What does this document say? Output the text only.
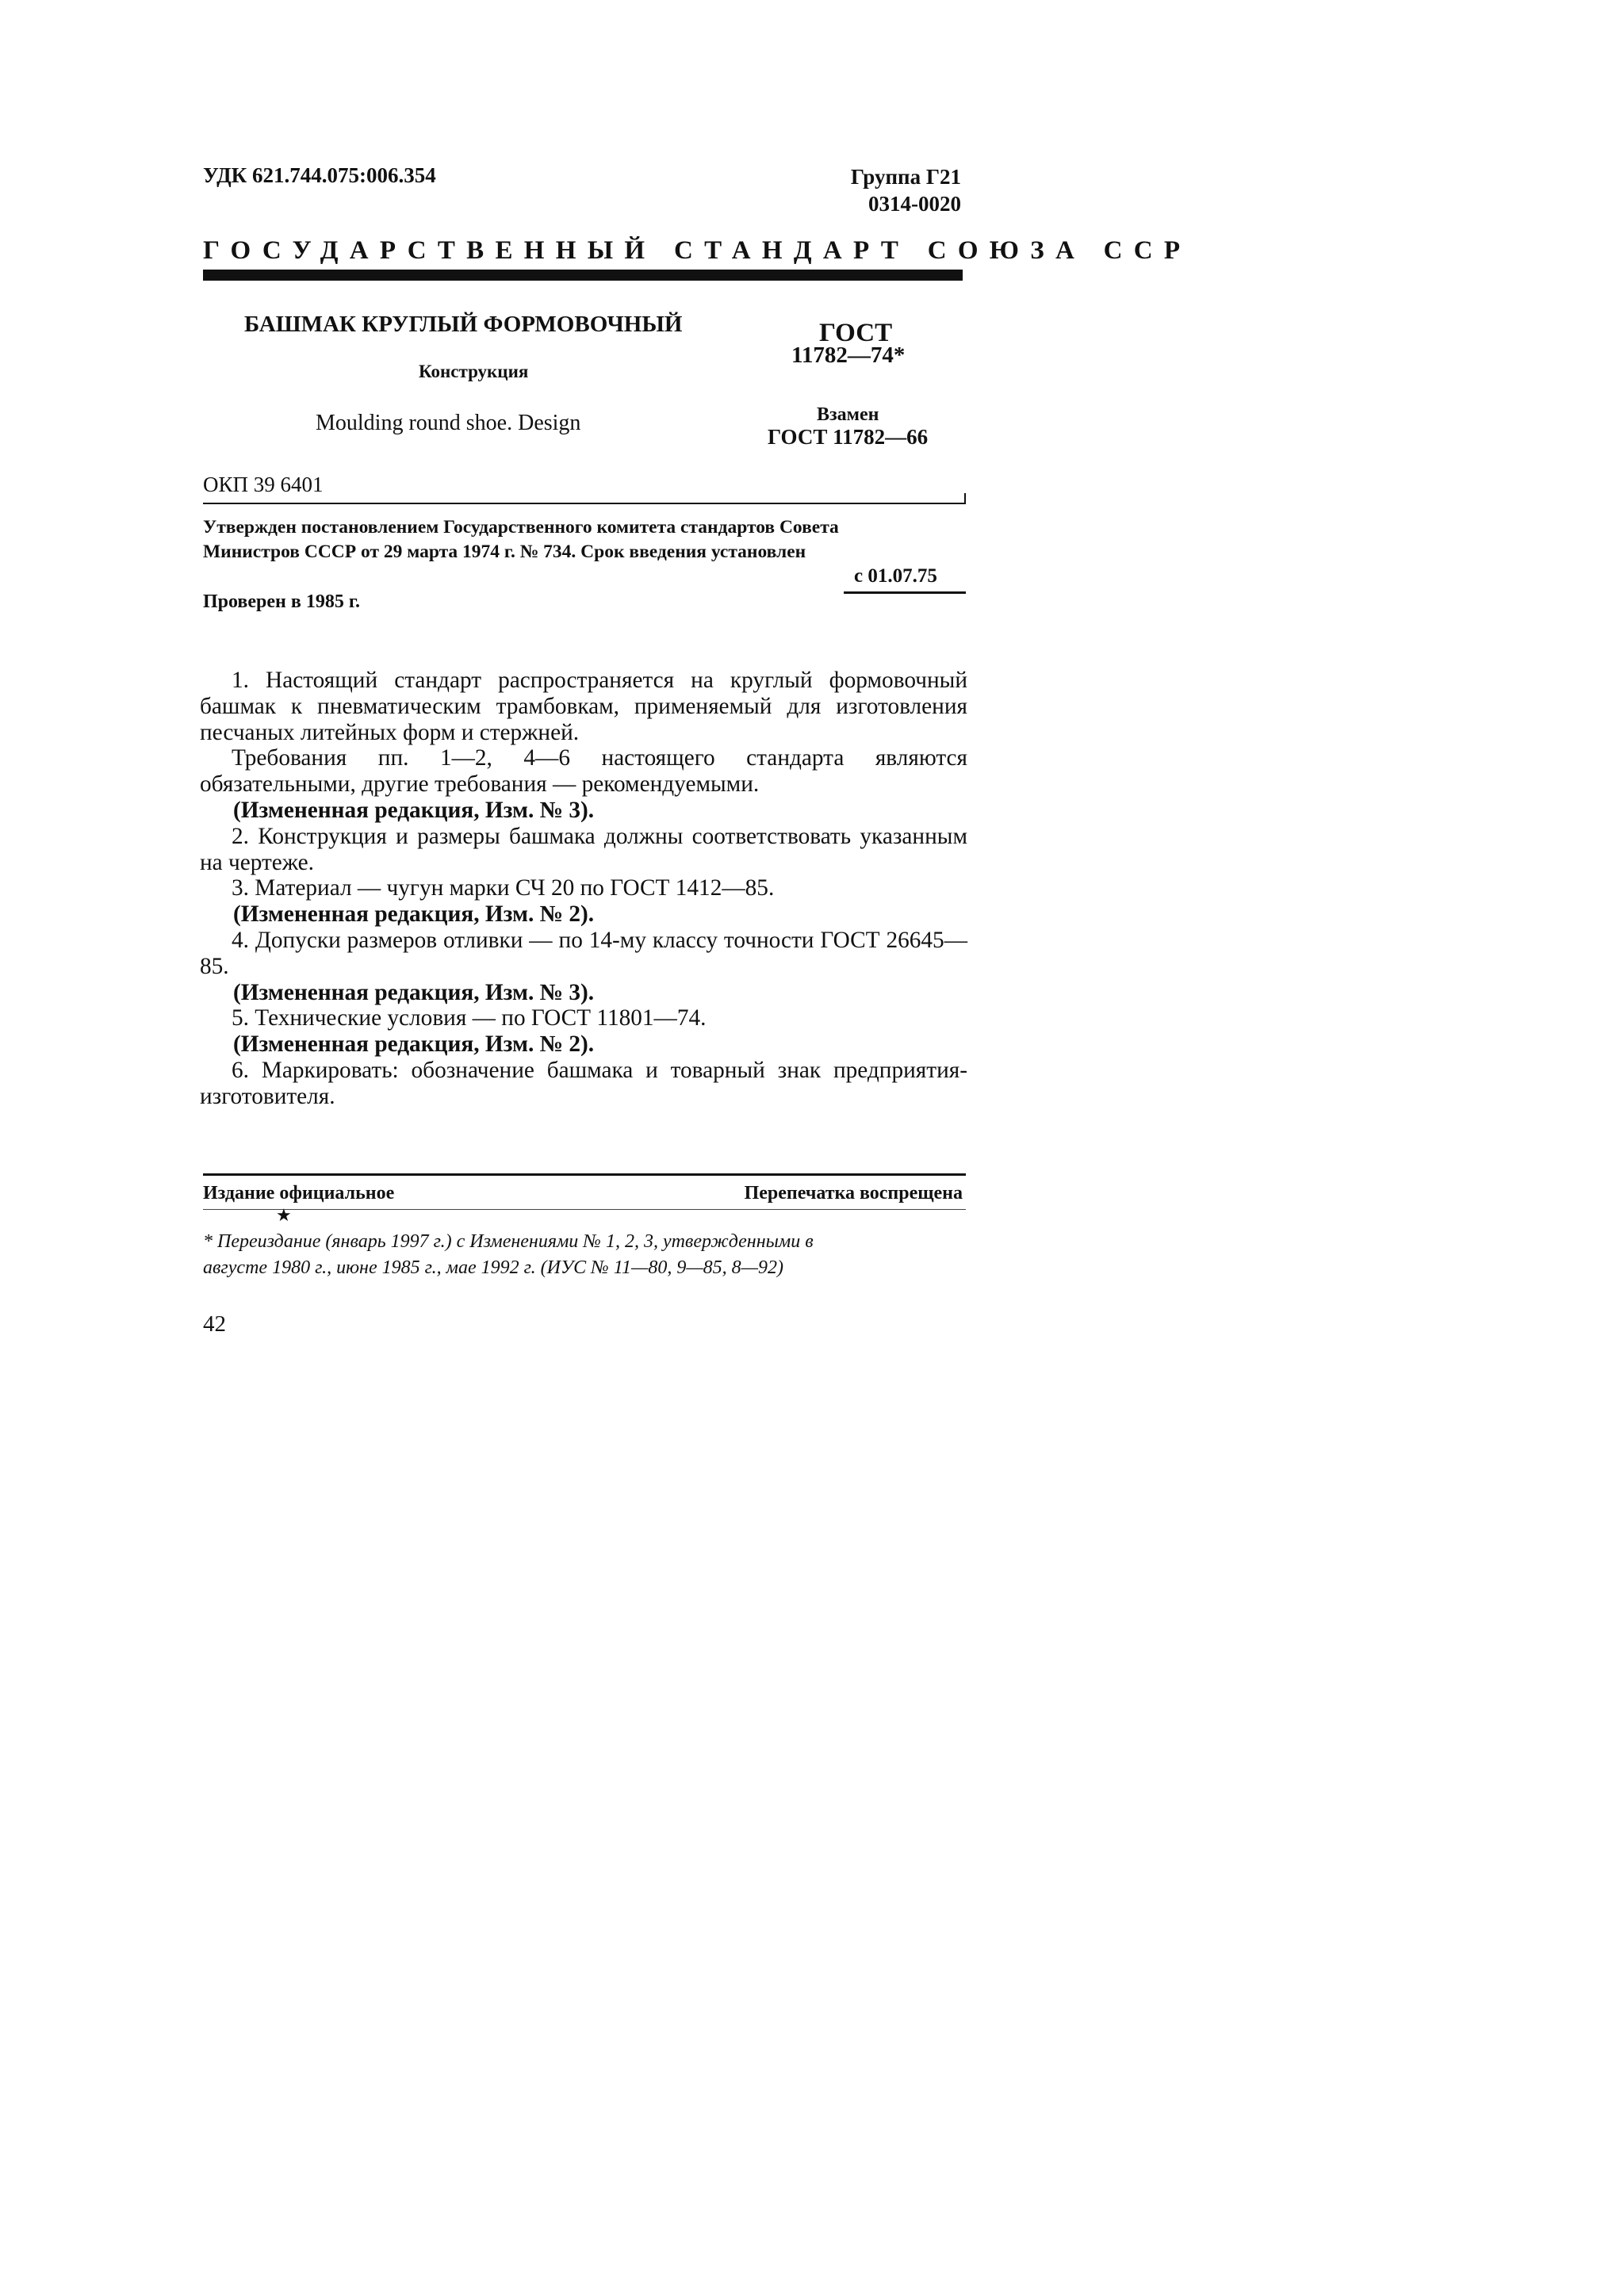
УДК 621.744.075:006.354	Группа Г21
0314-0020
ГОСУДАРСТВЕННЫЙ СТАНДАРТ СОЮЗА ССР
БАШМАК КРУГЛЫЙ ФОРМОВОЧНЫЙ
Конструкция
Moulding round shoe. Design
ГОСТ
11782—74*
Взамен
ГОСТ 11782—66
ОКП 39 6401

Утвержден постановлением Государственного комитета стандартов Совета

Министров СССР от 29 марта 1974 г. № 734. Срок введения установлен

с 01.07.75
Проверен в 1985 г.

1. Настоящий стандарт распространяется на круглый формовочный башмак к пневматическим трамбовкам, применяемый для изготовления песчаных литейных форм и стержней.

Требования пп. 1—2, 4—6 настоящего стандарта являются обязательными, другие требования — рекомендуемыми.

(Измененная редакция, Изм. № 3).

2. Конструкция и размеры башмака должны соответствовать указанным на чертеже.

3. Материал — чугун марки СЧ 20 по ГОСТ 1412—85.

(Измененная редакция, Изм. № 2).

4. Допуски размеров отливки — по 14-му классу точности ГОСТ 26645—85.

(Измененная редакция, Изм. № 3).

5. Технические условия — по ГОСТ 11801—74.

(Измененная редакция, Изм. № 2).

6. Маркировать: обозначение башмака и товарный знак предприятия-изготовителя.

Издание официальное	Перепечатка воспрещена
★

* Переиздание (январь 1997 г.) с Изменениями № 1, 2, 3, утвержденными в

августе 1980 г., июне 1985 г., мае 1992 г. (ИУС № 11—80, 9—85, 8—92)

42
